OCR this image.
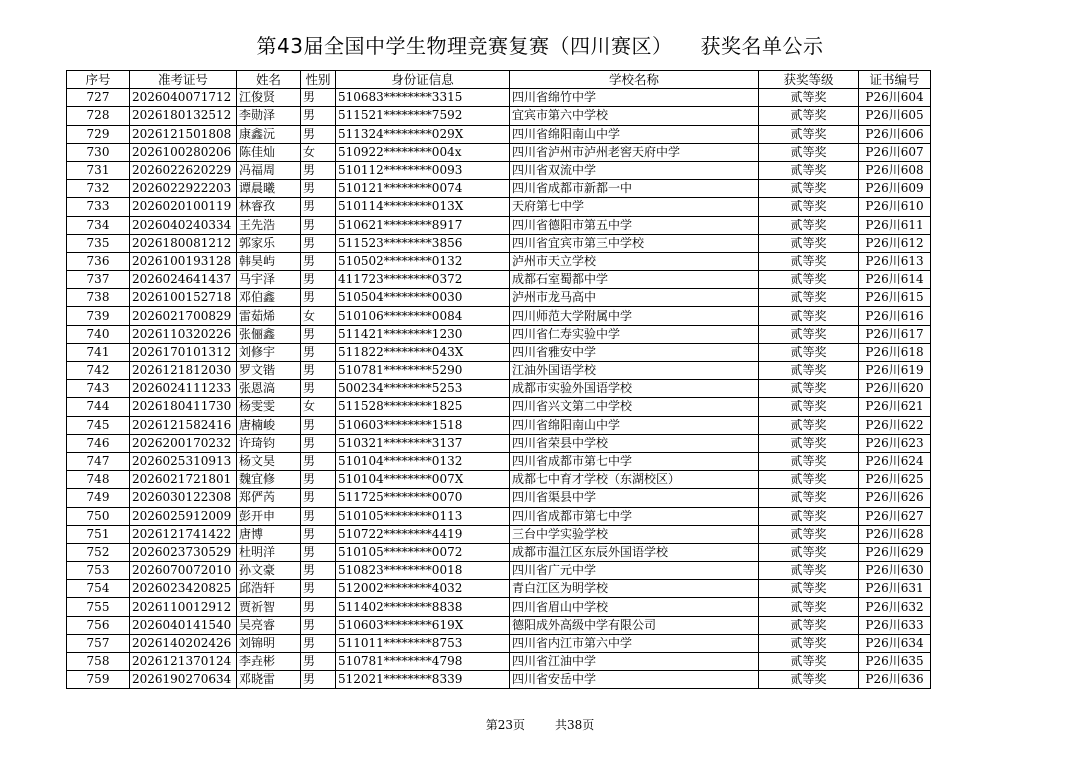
第43届全国中学生物理竞赛复赛（四川赛区） 获奖名单公示
序号	准考证号	姓名	性别	身份证信息	学校名称	获奖等级	证书编号
727	2026040071712	江俊贤	男	510683********3315	四川省绵竹中学	贰等奖	P26川604
728	2026180132512	李勋泽	男	511521********7592	宜宾市第六中学校	贰等奖	P26川605
729	2026121501808	康鑫沅	男	511324********029X	四川省绵阳南山中学	贰等奖	P26川606
730	2026100280206	陈佳灿	女	510922********004x	四川省泸州市泸州老窖天府中学	贰等奖	P26川607
731	2026022620229	冯福周	男	510112********0093	四川省双流中学	贰等奖	P26川608
732	2026022922203	谭晨曦	男	510121********0074	四川省成都市新都一中	贰等奖	P26川609
733	2026020100119	林睿孜	男	510114********013X	天府第七中学	贰等奖	P26川610
734	2026040240334	王先浩	男	510621********8917	四川省德阳市第五中学	贰等奖	P26川611
735	2026180081212	郭家乐	男	511523********3856	四川省宜宾市第三中学校	贰等奖	P26川612
736	2026100193128	韩昊屿	男	510502********0132	泸州市天立学校	贰等奖	P26川613
737	2026024641437	马宇泽	男	411723********0372	成都石室蜀都中学	贰等奖	P26川614
738	2026100152718	邓伯鑫	男	510504********0030	泸州市龙马高中	贰等奖	P26川615
739	2026021700829	雷茹烯	女	510106********0084	四川师范大学附属中学	贰等奖	P26川616
740	2026110320226	张俪鑫	男	511421********1230	四川省仁寿实验中学	贰等奖	P26川617
741	2026170101312	刘修宇	男	511822********043X	四川省雅安中学	贰等奖	P26川618
742	2026121812030	罗文锴	男	510781********5290	江油外国语学校	贰等奖	P26川619
743	2026024111233	张恩滈	男	500234********5253	成都市实验外国语学校	贰等奖	P26川620
744	2026180411730	杨雯雯	女	511528********1825	四川省兴文第二中学校	贰等奖	P26川621
745	2026121582416	唐楠峻	男	510603********1518	四川省绵阳南山中学	贰等奖	P26川622
746	2026200170232	许琦钧	男	510321********3137	四川省荣县中学校	贰等奖	P26川623
747	2026025310913	杨文昊	男	510104********0132	四川省成都市第七中学	贰等奖	P26川624
748	2026021721801	魏宜修	男	510104********007X	成都七中育才学校（东湖校区）	贰等奖	P26川625
749	2026030122308	郑俨芮	男	511725********0070	四川省渠县中学	贰等奖	P26川626
750	2026025912009	彭开申	男	510105********0113	四川省成都市第七中学	贰等奖	P26川627
751	2026121741422	唐博	男	510722********4419	三台中学实验学校	贰等奖	P26川628
752	2026023730529	杜明洋	男	510105********0072	成都市温江区东辰外国语学校	贰等奖	P26川629
753	2026070072010	孙文豪	男	510823********0018	四川省广元中学	贰等奖	P26川630
754	2026023420825	邱浩轩	男	512002********4032	青白江区为明学校	贰等奖	P26川631
755	2026110012912	贾祈智	男	511402********8838	四川省眉山中学校	贰等奖	P26川632
756	2026040141540	吴亮睿	男	510603********619X	德阳成外高级中学有限公司	贰等奖	P26川633
757	2026140202426	刘锦明	男	511011********8753	四川省内江市第六中学	贰等奖	P26川634
758	2026121370124	李垚彬	男	510781********4798	四川省江油中学	贰等奖	P26川635
759	2026190270634	邓晓雷	男	512021********8339	四川省安岳中学	贰等奖	P26川636
第23页	共38页
